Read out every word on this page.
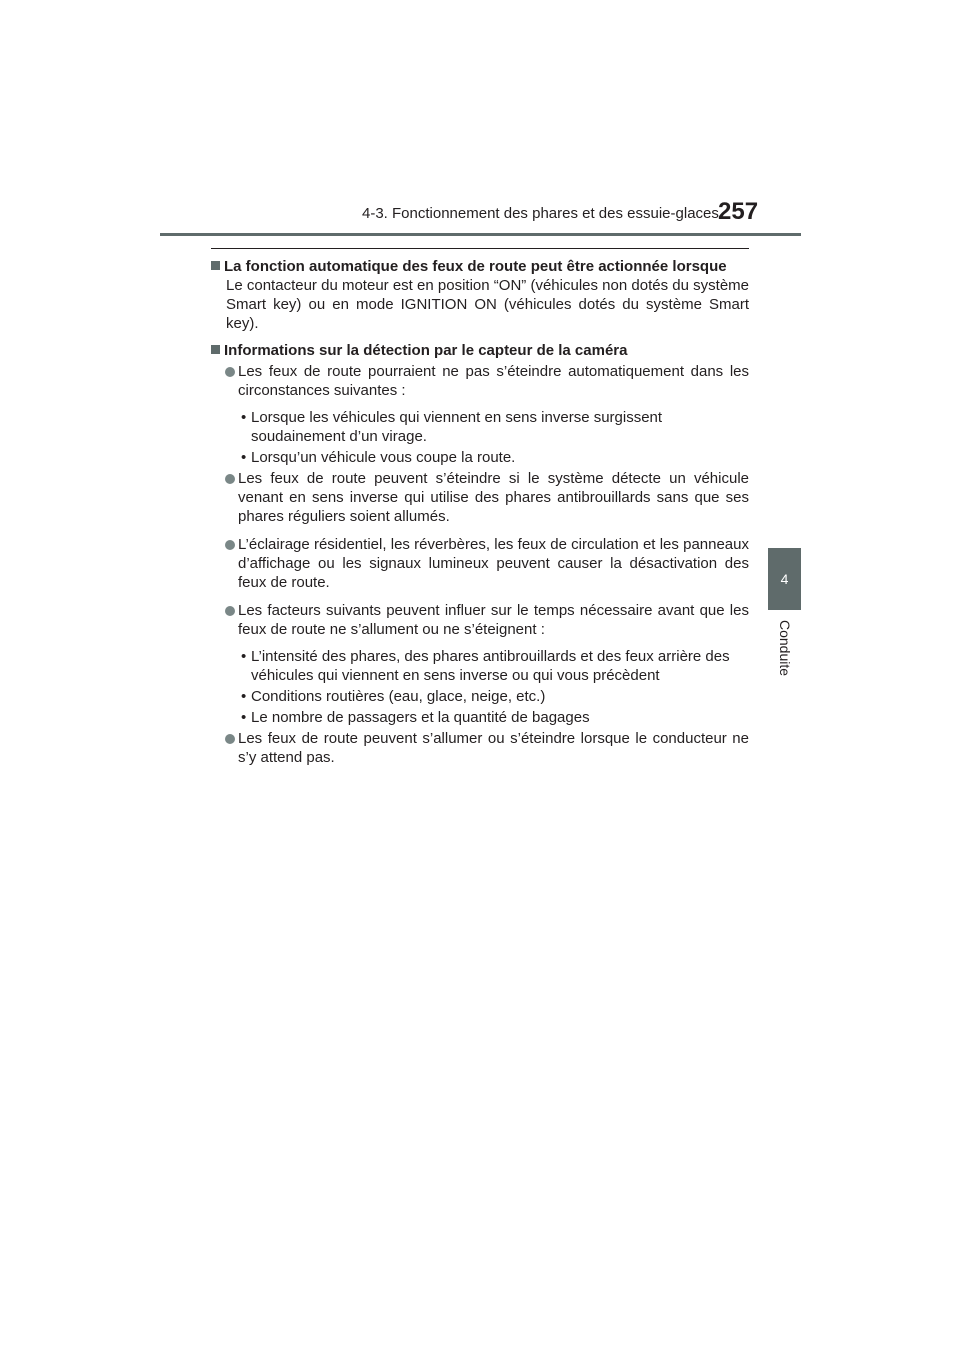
4-3. Fonctionnement des phares et des essuie-glaces 257
4
Conduite
La fonction automatique des feux de route peut être actionnée lorsque
Le contacteur du moteur est en position “ON” (véhicules non dotés du système Smart key) ou en mode IGNITION ON (véhicules dotés du système Smart key).
Informations sur la détection par le capteur de la caméra
Les feux de route pourraient ne pas s’éteindre automatiquement dans les circonstances suivantes :
• Lorsque les véhicules qui viennent en sens inverse surgissent soudainement d’un virage.
• Lorsqu’un véhicule vous coupe la route.
Les feux de route peuvent s’éteindre si le système détecte un véhicule venant en sens inverse qui utilise des phares antibrouillards sans que ses phares réguliers soient allumés.
L’éclairage résidentiel, les réverbères, les feux de circulation et les panneaux d’affichage ou les signaux lumineux peuvent causer la désactivation des feux de route.
Les facteurs suivants peuvent influer sur le temps nécessaire avant que les feux de route ne s’allument ou ne s’éteignent :
• L’intensité des phares, des phares antibrouillards et des feux arrière des véhicules qui viennent en sens inverse ou qui vous précèdent
• Conditions routières (eau, glace, neige, etc.)
• Le nombre de passagers et la quantité de bagages
Les feux de route peuvent s’allumer ou s’éteindre lorsque le conducteur ne s’y attend pas.
